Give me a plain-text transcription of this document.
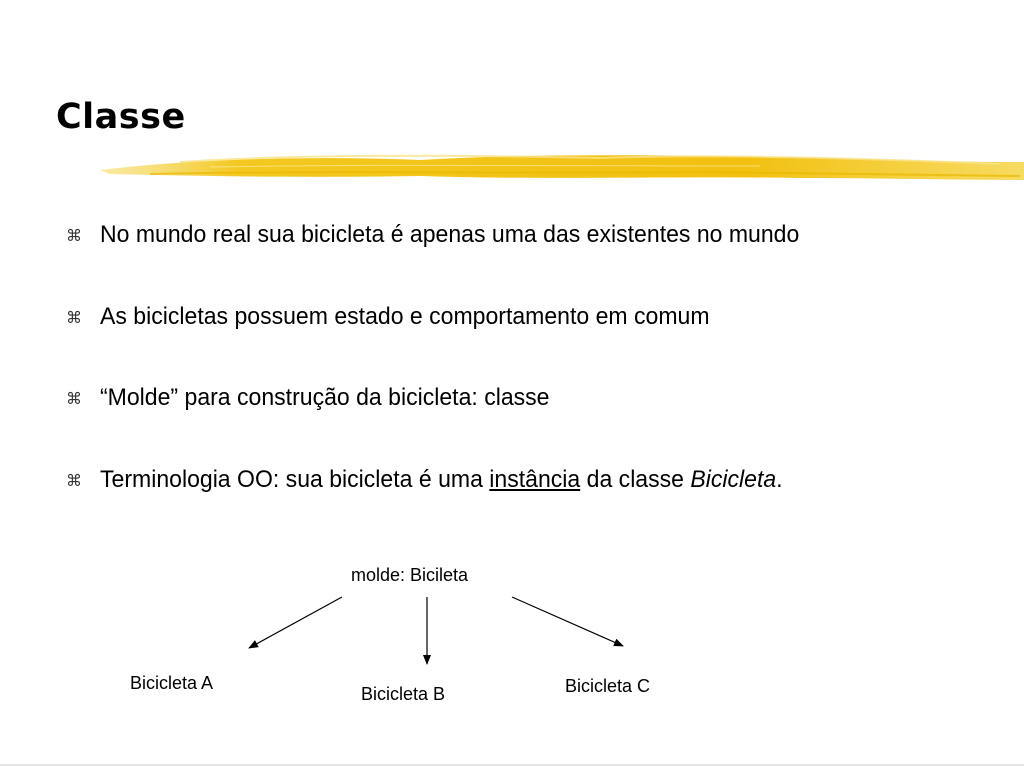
Classe
⌘ No mundo real sua bicicleta é apenas uma das existentes no mundo
⌘ As bicicletas possuem estado e comportamento em comum
⌘ “Molde” para construção da bicicleta: classe
⌘ Terminologia OO: sua bicicleta é uma instância da classe Bicicleta.
molde: Bicileta
Bicicleta A
Bicicleta B	Bicicleta C
